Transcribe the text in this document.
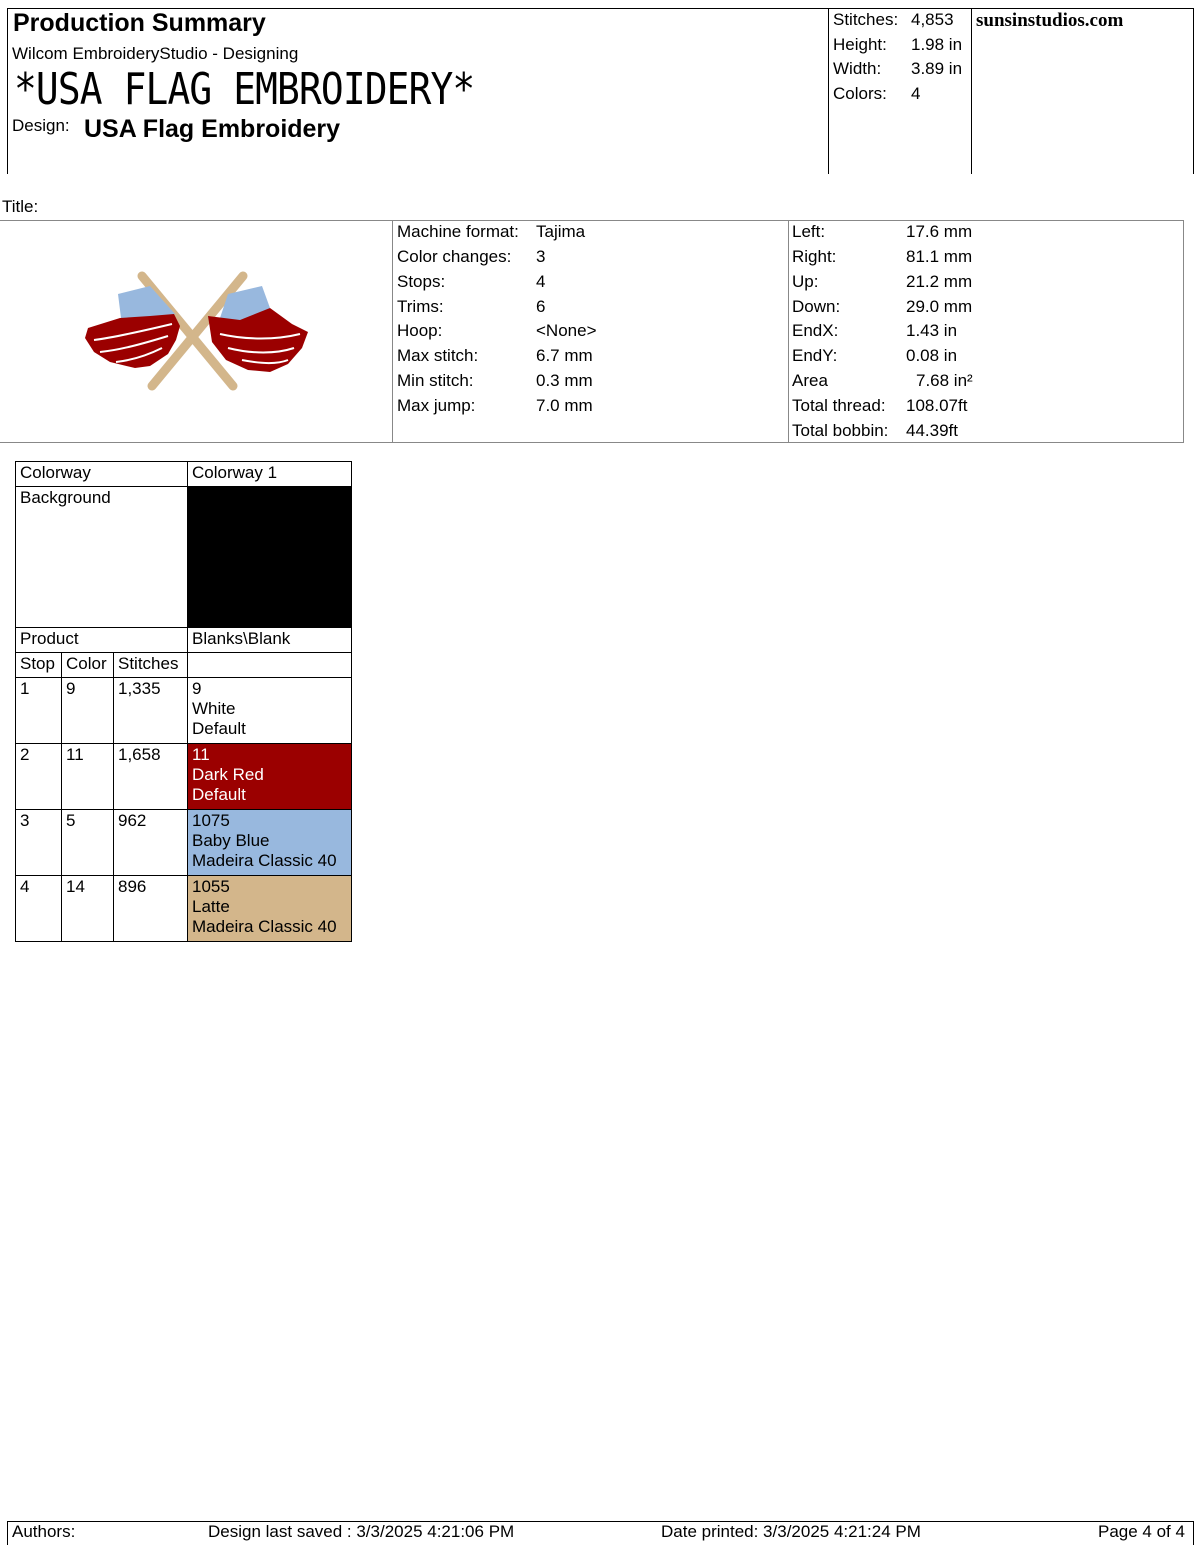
Production Summary
Wilcom EmbroideryStudio - Designing
*USA FLAG EMBROIDERY*
Design: USA Flag Embroidery
Stitches: 4,853
Height: 1.98 in
Width: 3.89 in
Colors: 4
sunsinstudios.com
Title:
Machine format: Tajima
Color changes: 3
Stops:	4
Trims:	6
Hoop:	<None>
Max stitch:	6.7 mm
Min stitch:	0.3 mm
Max jump:	7.0 mm
Left:	17.6 mm
Right:	81.1 mm
Up:	21.2 mm
Down:	29.0 mm
EndX:	1.43 in
EndY:	0.08 in
Area	7.68 in²
Total thread: 108.07ft
Total bobbin: 44.39ft
Colorway			Colorway 1
Background			
Product			Blanks\Blank
Stop	Color	Stitches	
1	9	1,335	9
White
Default

2	11	1,658	11
Dark Red
Default

3	5	962	1075
Baby Blue
Madeira Classic 40

4	14	896	1055
Latte
Madeira Classic 40
Authors:	Design last saved : 3/3/2025 4:21:06 PM	Date printed: 3/3/2025 4:21:24 PM	Page 4 of 4
